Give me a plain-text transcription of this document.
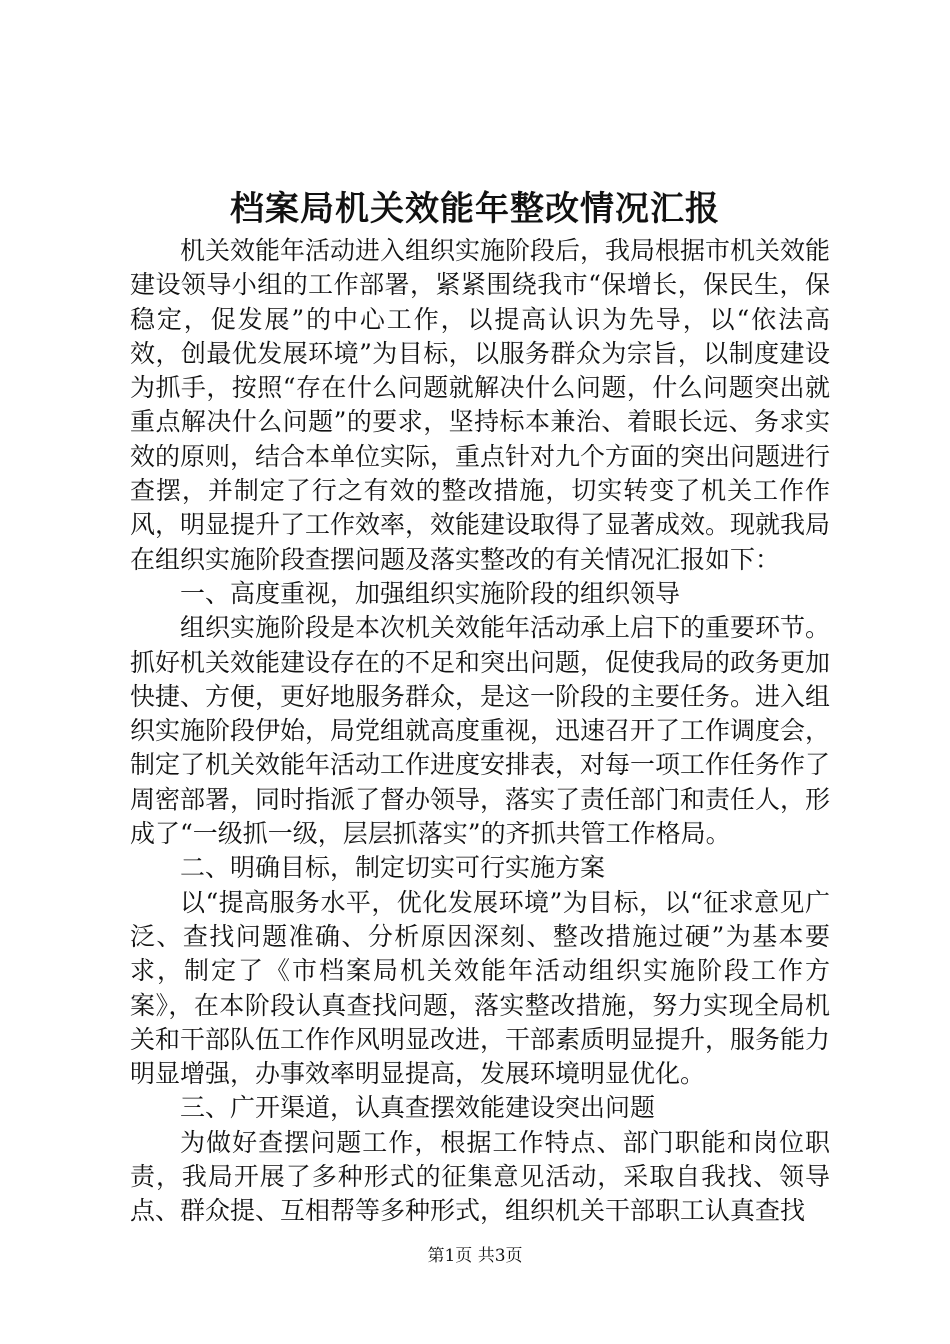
档案局机关效能年整改情况汇报

机关效能年活动进入组织实施阶段后，我局根据市机关效能建设领导小组的工作部署，紧紧围绕我市“保增长，保民生，保稳定，促发展”的中心工作，以提高认识为先导，以“依法高效，创最优发展环境”为目标，以服务群众为宗旨，以制度建设为抓手，按照“存在什么问题就解决什么问题，什么问题突出就重点解决什么问题”的要求，坚持标本兼治、着眼长远、务求实效的原则，结合本单位实际，重点针对九个方面的突出问题进行查摆，并制定了行之有效的整改措施，切实转变了机关工作作风，明显提升了工作效率，效能建设取得了显著成效。现就我局在组织实施阶段查摆问题及落实整改的有关情况汇报如下：

一、高度重视，加强组织实施阶段的组织领导

组织实施阶段是本次机关效能年活动承上启下的重要环节。抓好机关效能建设存在的不足和突出问题，促使我局的政务更加快捷、方便，更好地服务群众，是这一阶段的主要任务。进入组织实施阶段伊始，局党组就高度重视，迅速召开了工作调度会，制定了机关效能年活动工作进度安排表，对每一项工作任务作了周密部署，同时指派了督办领导，落实了责任部门和责任人，形成了“一级抓一级，层层抓落实”的齐抓共管工作格局。

二、明确目标，制定切实可行实施方案

以“提高服务水平，优化发展环境”为目标，以“征求意见广泛、查找问题准确、分析原因深刻、整改措施过硬”为基本要求，制定了《市档案局机关效能年活动组织实施阶段工作方案》，在本阶段认真查找问题，落实整改措施，努力实现全局机关和干部队伍工作作风明显改进，干部素质明显提升，服务能力明显增强，办事效率明显提高，发展环境明显优化。

三、广开渠道，认真查摆效能建设突出问题

为做好查摆问题工作，根据工作特点、部门职能和岗位职责，我局开展了多种形式的征集意见活动，采取自我找、领导点、群众提、互相帮等多种形式，组织机关干部职工认真查找

第1页 共3页
